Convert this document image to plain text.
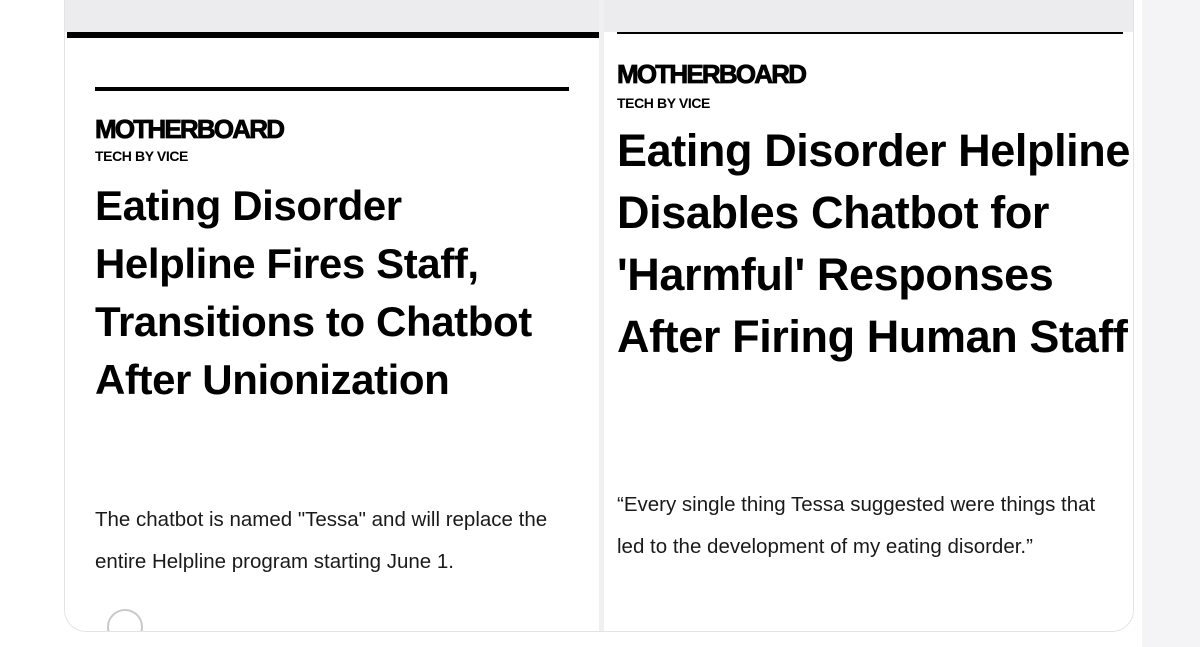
MOTHERBOARD
TECH BY VICE
Eating Disorder Helpline Fires Staff, Transitions to Chatbot After Unionization

The chatbot is named "Tessa" and will replace the entire Helpline program starting June 1.

MOTHERBOARD
TECH BY VICE
Eating Disorder Helpline Disables Chatbot for 'Harmful' Responses After Firing Human Staff

“Every single thing Tessa suggested were things that led to the development of my eating disorder.”
